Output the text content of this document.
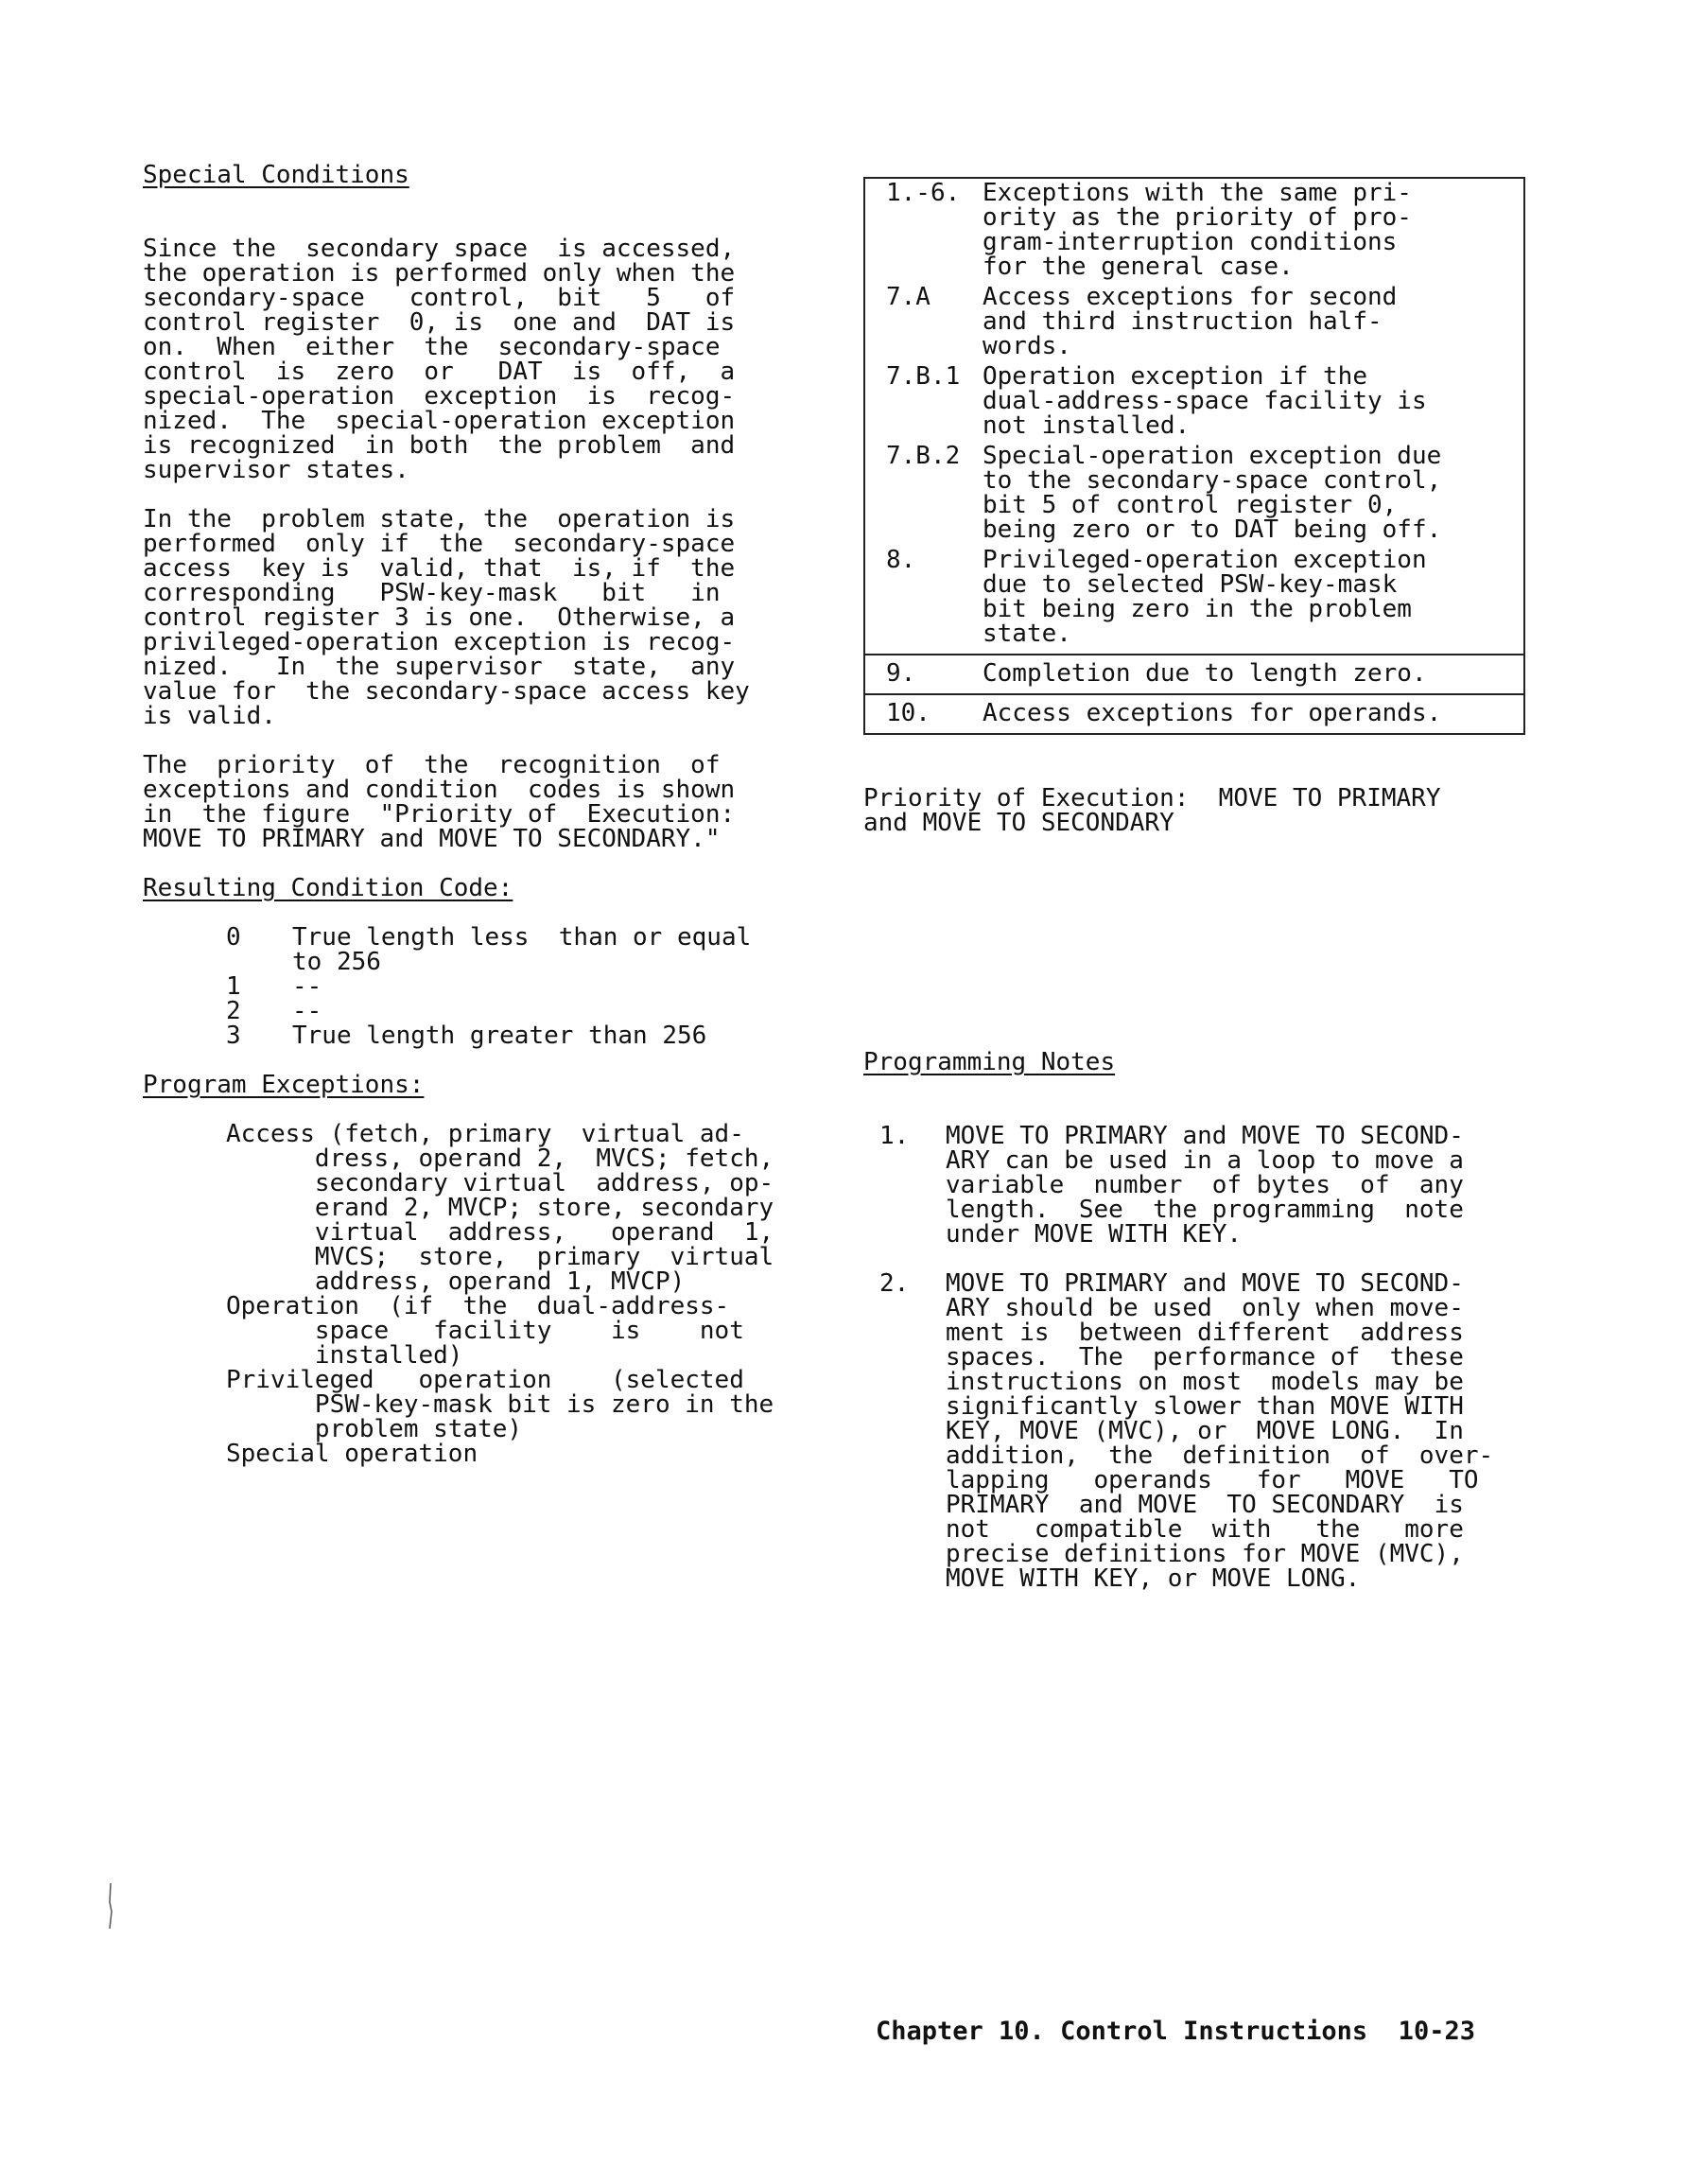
Special Conditions

Since the  secondary space  is accessed,
the operation is performed only when the
secondary-space   control,  bit   5   of
control register  0, is  one and  DAT is
on.  When  either  the  secondary-space
control  is  zero  or   DAT  is  off,  a
special-operation  exception  is  recog-
nized.  The  special-operation exception
is recognized  in both  the problem  and
supervisor states.

In the  problem state, the  operation is
performed  only if  the  secondary-space
access  key is  valid, that  is, if  the
corresponding   PSW-key-mask   bit   in
control register 3 is one.  Otherwise, a
privileged-operation exception is recog-
nized.   In  the supervisor  state,  any
value for  the secondary-space access key
is valid.

The  priority  of  the  recognition  of
exceptions and condition  codes is shown
in  the figure  "Priority of  Execution:
MOVE TO PRIMARY and MOVE TO SECONDARY."

Resulting Condition Code:

0	True length less  than or equal
to 256
1	--
2	--
3	True length greater than 256

Program Exceptions:

Access (fetch, primary  virtual ad-
dress, operand 2,  MVCS; fetch,
secondary virtual  address, op-
erand 2, MVCP; store, secondary
virtual  address,   operand  1,
MVCS;  store,  primary  virtual
address, operand 1, MVCP)

Operation  (if  the  dual-address-
space   facility    is    not
installed)

Privileged   operation    (selected
PSW-key-mask bit is zero in the
problem state)

Special operation

1.-6. Exceptions with the same pri-
ority as the priority of pro-
gram-interruption conditions
for the general case.
7.A	Access exceptions for second
and third instruction half-
words.
7.B.1 Operation exception if the
dual-address-space facility is
not installed.
7.B.2 Special-operation exception due
to the secondary-space control,
bit 5 of control register 0,
being zero or to DAT being off.
8.	Privileged-operation exception
due to selected PSW-key-mask
bit being zero in the problem
state.
9.	Completion due to length zero.
10.	Access exceptions for operands.
Priority of Execution:  MOVE TO PRIMARY
and MOVE TO SECONDARY

Programming Notes

1.	MOVE TO PRIMARY and MOVE TO SECOND-
ARY can be used in a loop to move a
variable  number  of bytes  of  any
length.  See  the programming  note
under MOVE WITH KEY.
2.	MOVE TO PRIMARY and MOVE TO SECOND-
ARY should be used  only when move-
ment is  between different  address
spaces.  The  performance of  these
instructions on most  models may be
significantly slower than MOVE WITH
KEY, MOVE (MVC), or  MOVE LONG.  In
addition,  the  definition  of  over-
lapping   operands   for   MOVE   TO
PRIMARY  and MOVE  TO SECONDARY  is
not   compatible  with   the   more
precise definitions for MOVE (MVC),
MOVE WITH KEY, or MOVE LONG.
Chapter 10. Control Instructions  10-23
